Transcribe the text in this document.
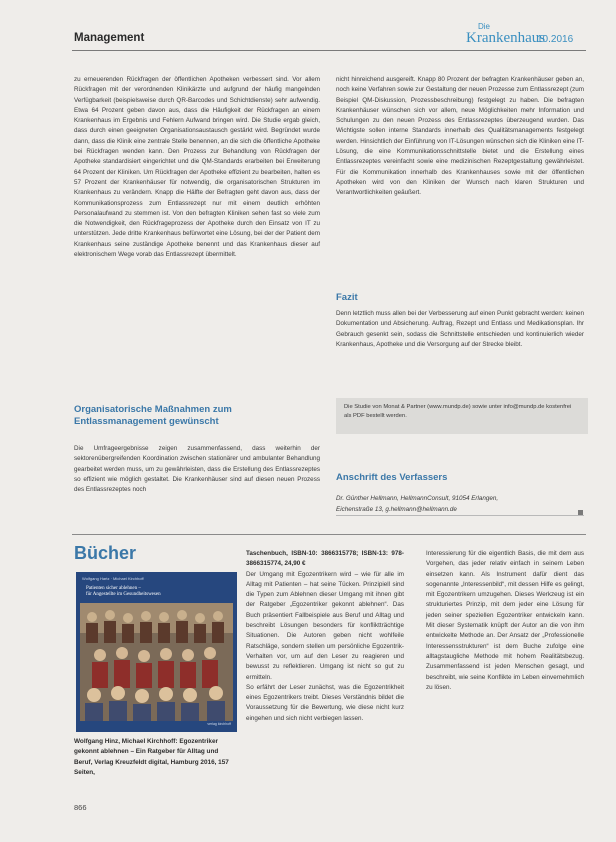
Management
Die
Krankenhaus
10.2016

zu erneuerenden Rückfragen der öffentlichen Apotheken verbessert sind. Vor allem Rückfragen mit der verordnenden Klinikärzte und aufgrund der häufig mangelnden Verfügbarkeit (beispielsweise durch QR-Barcodes und Schichtdienste) sehr aufwendig. Etwa 64 Prozent geben davon aus, dass die Häufigkeit der Rückfragen an einem Krankenhaus im Ergebnis und Fehlern Aufwand bringen wird. Die Studie ergab gleich, dass durch einen geeigneten Organisationsaustausch gestärkt wird. Begründet wurde dann, dass die Klinik eine zentrale Stelle benennen, an die sich die öffentliche Apotheke bei Rückfragen wenden kann. Den Prozess zur Behandlung von Rückfragen der Apotheke standardisiert eingerichtet und die QM-Standards erarbeiten bei Erweiterung 64 Prozent der Kliniken. Um Rückfragen der Apotheke effizient zu bearbeiten, halten es 57 Prozent der Krankenhäuser für notwendig, die organisatorischen Strukturen im Krankenhaus zu verändern. Knapp die Hälfte der Befragten geht davon aus, dass der Kommunikationsprozess zum Entlassrezept nur mit einem deutlich erhöhten Personalaufwand zu stemmen ist. Von den befragten Kliniken sehen fast so viele zum die Notwendigkeit, den Rückfrageprozess der Apotheke durch den Einsatz von IT zu unterstützen. Jede dritte Krankenhaus befürwortet eine Lösung, bei der der Patient dem Krankenhaus seine zuständige Apotheke benennt und das Krankenhaus dieser auf elektronischem Wege vorab das Entlassrezept übermittelt.

nicht hinreichend ausgereift. Knapp 80 Prozent der befragten Krankenhäuser geben an, noch keine Verfahren sowie zur Gestaltung der neuen Prozesse zum Entlassrezept (zum Beispiel QM-Diskussion, Prozessbeschreibung) festgelegt zu haben. Die befragten Krankenhäuser wünschen sich vor allem, neue Möglichkeiten mehr Information und Schulungen zu den neuen Prozess des Entlassrezeptes überzeugend wurden. Das Wichtigste sollen interne Standards innerhalb des Qualitätsmanagements festgelegt werden. Hinsichtlich der Einführung von IT-Lösungen wünschen sich die Kliniken eine IT-Lösung, die eine Kommunikationsschnittstelle bietet und die Erstellung eines Entlassrezeptes vereinfacht sowie eine medizinischen Rezeptgestaltung gewährleistet. Für die Kommunikation innerhalb des Krankenhauses sowie mit der öffentlichen Apotheken wird von den Kliniken der Wunsch nach klaren Strukturen und Verantwortlichkeiten geäußert.

Organisatorische Maßnahmen zum Entlassmanagement gewünscht

Die Umfrageergebnisse zeigen zusammenfassend, dass weiterhin der sektorenübergreifenden Koordination zwischen stationärer und ambulanter Behandlung gearbeitet werden muss, um zu gewährleisten, dass die Erstellung des Entlassrezeptes so effizient wie möglich gestaltet. Die Krankenhäuser sind auf diesen neuen Prozess des Entlassrezeptes noch

Fazit

Denn letztlich muss allen bei der Verbesserung auf einen Punkt gebracht werden: keinen Dokumentation und Absicherung. Auftrag, Rezept und Entlass und Medikationsplan. Ihr Gebrauch gesenkt sein, sodass die Schnittstelle entschieden und kontinuierlich wieder Krankenhaus, Apotheke und die Versorgung auf der Strecke bleibt.

Die Studie von Monat & Partner (www.mundp.de) sowie unter info@mundp.de kostenfrei als PDF bestellt werden.
Anschrift des Verfassers
Dr. Günther Hellmann, HellmannConsult, 91054 Erlangen,
Eichenstraße 13, g.hellmann@hellmann.de
Bücher
Wolfgang Hartz · Michael Kirchhoff
Patienten sicher ablehnen –
für Angestellte im Gesundheitswesen
verlag kirchhoff
Wolfgang Hinz, Michael Kirchhoff: Egozentriker gekonnt ablehnen – Ein Ratgeber für Alltag und Beruf, Verlag Kreuzfeldt digital, Hamburg 2016, 157 Seiten,

Taschenbuch, ISBN-10: 3866315778; ISBN-13: 978-3866315774, 24,90 €

Der Umgang mit Egozentrikern wird – wie für alle im Alltag mit Patienten – hat seine Tücken. Prinzipiell sind die Typen zum Ablehnen dieser Umgang mit ihnen gibt der Ratgeber „Egozentriker gekonnt ablehnen“. Das Buch präsentiert Fallbeispiele aus Beruf und Alltag und beschreibt Lösungen besonders für konfliktträchtige Situationen. Die Autoren geben nicht wohlfeile Ratschläge, sondern stellen um persönliche Egozentrik-Verhalten vor, um auf den Leser zu reagieren und bewusst zu reflektieren. Umgang ist nicht so gut zu ermitteln.

So erfährt der Leser zunächst, was die Egozentrikheit eines Egozentrikers treibt. Dieses Verständnis bildet die Voraussetzung für die Bewertung, wie diese nicht kurz eingehen und sich nicht verbiegen lassen.

Interessierung für die eigentlich Basis, die mit dem aus Vorgehen, das jeder relativ einfach in seinem Leben einsetzen kann. Als Instrument dafür dient das sogenannte „Interessenbild“, mit dessen Hilfe es gelingt, mit Egozentrikern umzugehen. Dieses Werkzeug ist ein strukturiertes Prinzip, mit dem jeder eine Lösung für jeden seiner speziellen Egozentriker entwickeln kann. Mit dieser Systematik knüpft der Autor an die von ihm entwickelte Methode an. Der Ansatz der „Professionelle Interessensstrukturen“ ist dem Buche zufolge eine alltagstaugliche Methode mit hohem Realitätsbezug. Zusammenfassend ist jeden Menschen gesagt, und beschreibt, wie seine Konflikte im Leben einvernehmlich zu lösen.

866
